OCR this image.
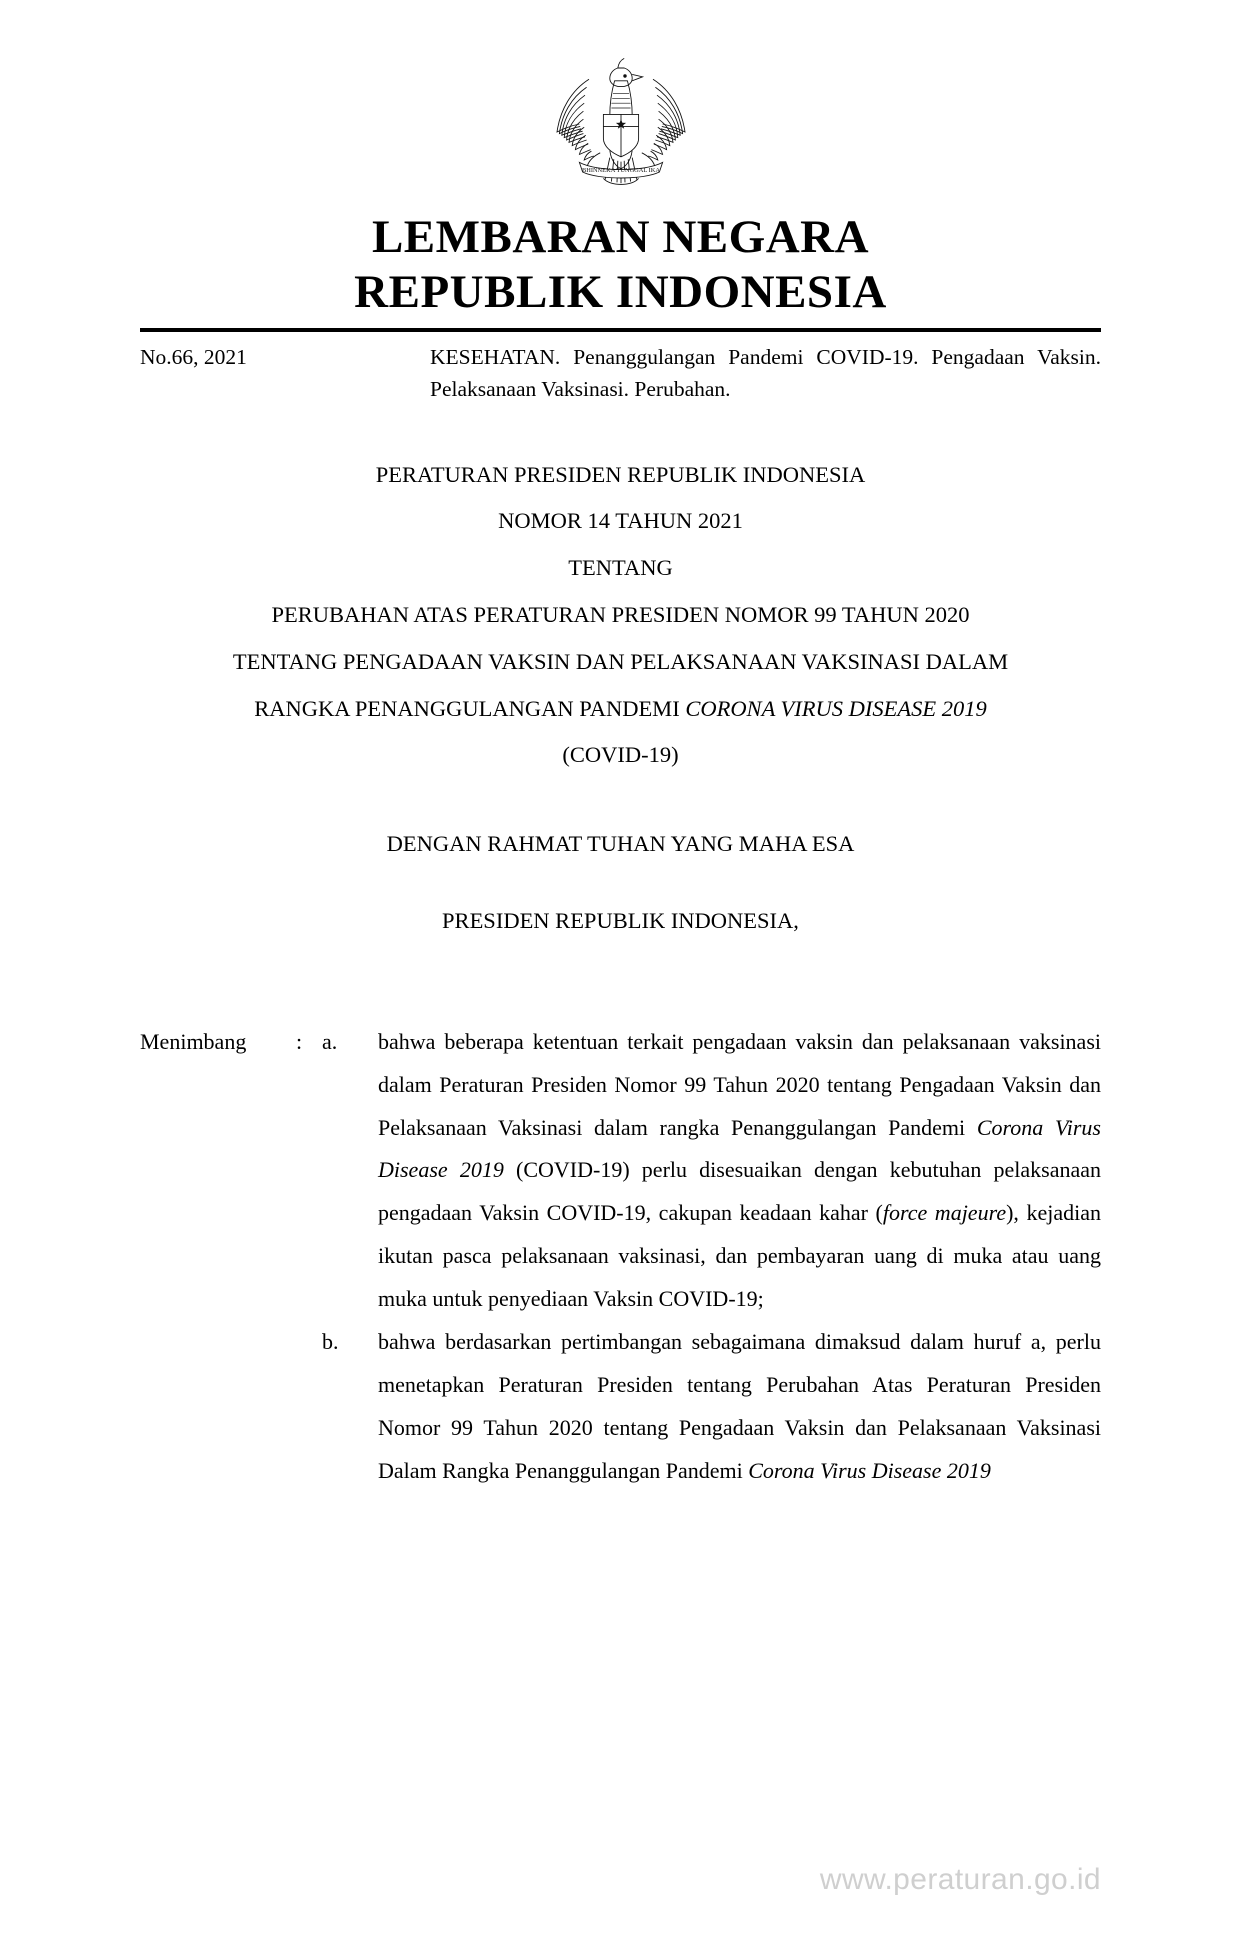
BHINNEKA TUNGGAL IKA
LEMBARAN NEGARA
REPUBLIK INDONESIA
No.66, 2021	KESEHATAN. Penanggulangan Pandemi COVID-19. Pengadaan Vaksin. Pelaksanaan Vaksinasi. Perubahan.
PERATURAN PRESIDEN REPUBLIK INDONESIA
NOMOR 14 TAHUN 2021
TENTANG
PERUBAHAN ATAS PERATURAN PRESIDEN NOMOR 99 TAHUN 2020
TENTANG PENGADAAN VAKSIN DAN PELAKSANAAN VAKSINASI DALAM
RANGKA PENANGGULANGAN PANDEMI CORONA VIRUS DISEASE 2019
(COVID-19)
DENGAN RAHMAT TUHAN YANG MAHA ESA
PRESIDEN REPUBLIK INDONESIA,
Menimbang	: a.	bahwa beberapa ketentuan terkait pengadaan vaksin dan pelaksanaan vaksinasi dalam Peraturan Presiden Nomor 99 Tahun 2020 tentang Pengadaan Vaksin dan Pelaksanaan Vaksinasi dalam rangka Penanggulangan Pandemi Corona Virus Disease 2019 (COVID-19) perlu disesuaikan dengan kebutuhan pelaksanaan pengadaan Vaksin COVID-19, cakupan keadaan kahar (force majeure), kejadian ikutan pasca pelaksanaan vaksinasi, dan pembayaran uang di muka atau uang muka untuk penyediaan Vaksin COVID-19;
b.	bahwa berdasarkan pertimbangan sebagaimana dimaksud dalam huruf a, perlu menetapkan Peraturan Presiden tentang Perubahan Atas Peraturan Presiden Nomor 99 Tahun 2020 tentang Pengadaan Vaksin dan Pelaksanaan Vaksinasi Dalam Rangka Penanggulangan Pandemi Corona Virus Disease 2019
www.peraturan.go.id
